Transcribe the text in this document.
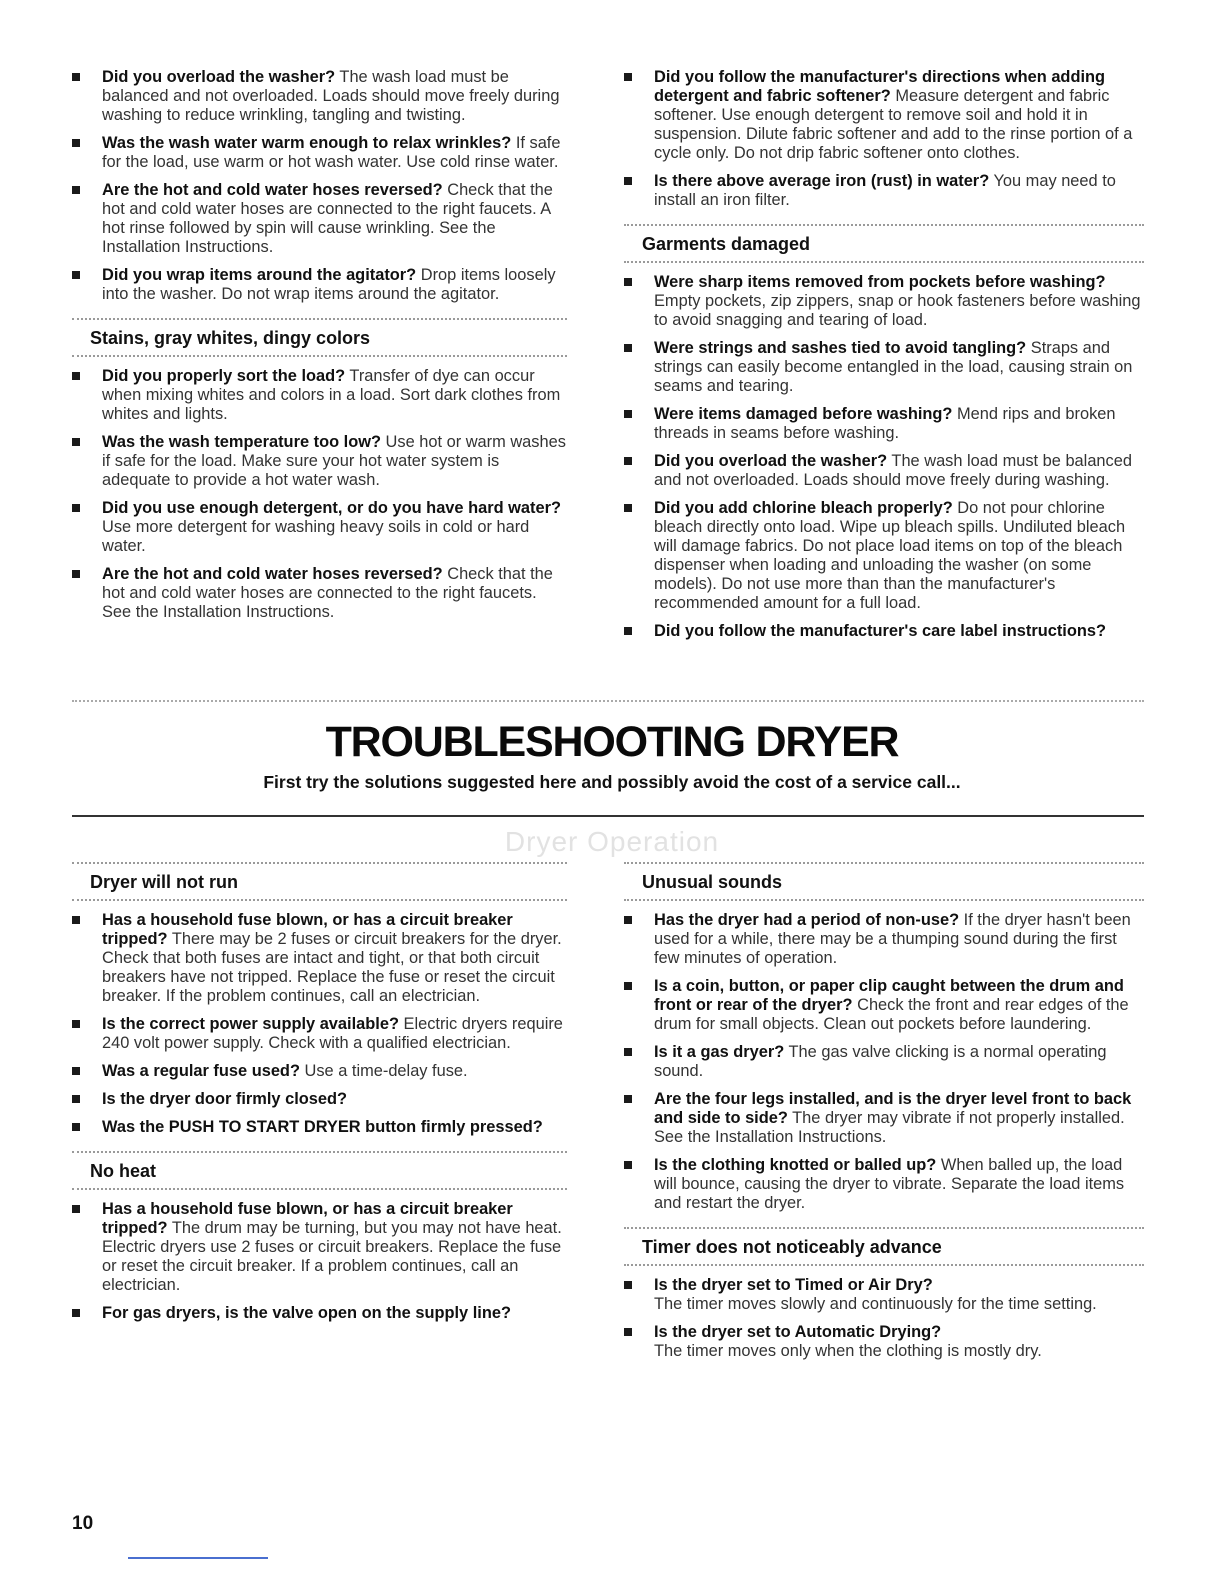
Did you overload the washer? The wash load must be balanced and not overloaded. Loads should move freely during washing to reduce wrinkling, tangling and twisting.
Was the wash water warm enough to relax wrinkles? If safe for the load, use warm or hot wash water. Use cold rinse water.
Are the hot and cold water hoses reversed? Check that the hot and cold water hoses are connected to the right faucets. A hot rinse followed by spin will cause wrinkling. See the Installation Instructions.
Did you wrap items around the agitator? Drop items loosely into the washer. Do not wrap items around the agitator.
Stains, gray whites, dingy colors
Did you properly sort the load? Transfer of dye can occur when mixing whites and colors in a load. Sort dark clothes from whites and lights.
Was the wash temperature too low? Use hot or warm washes if safe for the load. Make sure your hot water system is adequate to provide a hot water wash.
Did you use enough detergent, or do you have hard water? Use more detergent for washing heavy soils in cold or hard water.
Are the hot and cold water hoses reversed? Check that the hot and cold water hoses are connected to the right faucets. See the Installation Instructions.
Did you follow the manufacturer's directions when adding detergent and fabric softener? Measure detergent and fabric softener. Use enough detergent to remove soil and hold it in suspension. Dilute fabric softener and add to the rinse portion of a cycle only. Do not drip fabric softener onto clothes.
Is there above average iron (rust) in water? You may need to install an iron filter.
Garments damaged
Were sharp items removed from pockets before washing? Empty pockets, zip zippers, snap or hook fasteners before washing to avoid snagging and tearing of load.
Were strings and sashes tied to avoid tangling? Straps and strings can easily become entangled in the load, causing strain on seams and tearing.
Were items damaged before washing? Mend rips and broken threads in seams before washing.
Did you overload the washer? The wash load must be balanced and not overloaded. Loads should move freely during washing.
Did you add chlorine bleach properly? Do not pour chlorine bleach directly onto load. Wipe up bleach spills. Undiluted bleach will damage fabrics. Do not place load items on top of the bleach dispenser when loading and unloading the washer (on some models). Do not use more than than the manufacturer's recommended amount for a full load.
Did you follow the manufacturer's care label instructions?
TROUBLESHOOTING DRYER
First try the solutions suggested here and possibly avoid the cost of a service call...
Dryer Operation
Dryer will not run
Has a household fuse blown, or has a circuit breaker tripped? There may be 2 fuses or circuit breakers for the dryer. Check that both fuses are intact and tight, or that both circuit breakers have not tripped. Replace the fuse or reset the circuit breaker. If the problem continues, call an electrician.
Is the correct power supply available? Electric dryers require 240 volt power supply. Check with a qualified electrician.
Was a regular fuse used? Use a time-delay fuse.
Is the dryer door firmly closed?
Was the PUSH TO START DRYER button firmly pressed?
No heat
Has a household fuse blown, or has a circuit breaker tripped? The drum may be turning, but you may not have heat. Electric dryers use 2 fuses or circuit breakers. Replace the fuse or reset the circuit breaker. If a problem continues, call an electrician.
For gas dryers, is the valve open on the supply line?
Unusual sounds
Has the dryer had a period of non-use? If the dryer hasn't been used for a while, there may be a thumping sound during the first few minutes of operation.
Is a coin, button, or paper clip caught between the drum and front or rear of the dryer? Check the front and rear edges of the drum for small objects. Clean out pockets before laundering.
Is it a gas dryer? The gas valve clicking is a normal operating sound.
Are the four legs installed, and is the dryer level front to back and side to side? The dryer may vibrate if not properly installed. See the Installation Instructions.
Is the clothing knotted or balled up? When balled up, the load will bounce, causing the dryer to vibrate. Separate the load items and restart the dryer.
Timer does not noticeably advance
Is the dryer set to Timed or Air Dry?
The timer moves slowly and continuously for the time setting.
Is the dryer set to Automatic Drying?
The timer moves only when the clothing is mostly dry.
10
